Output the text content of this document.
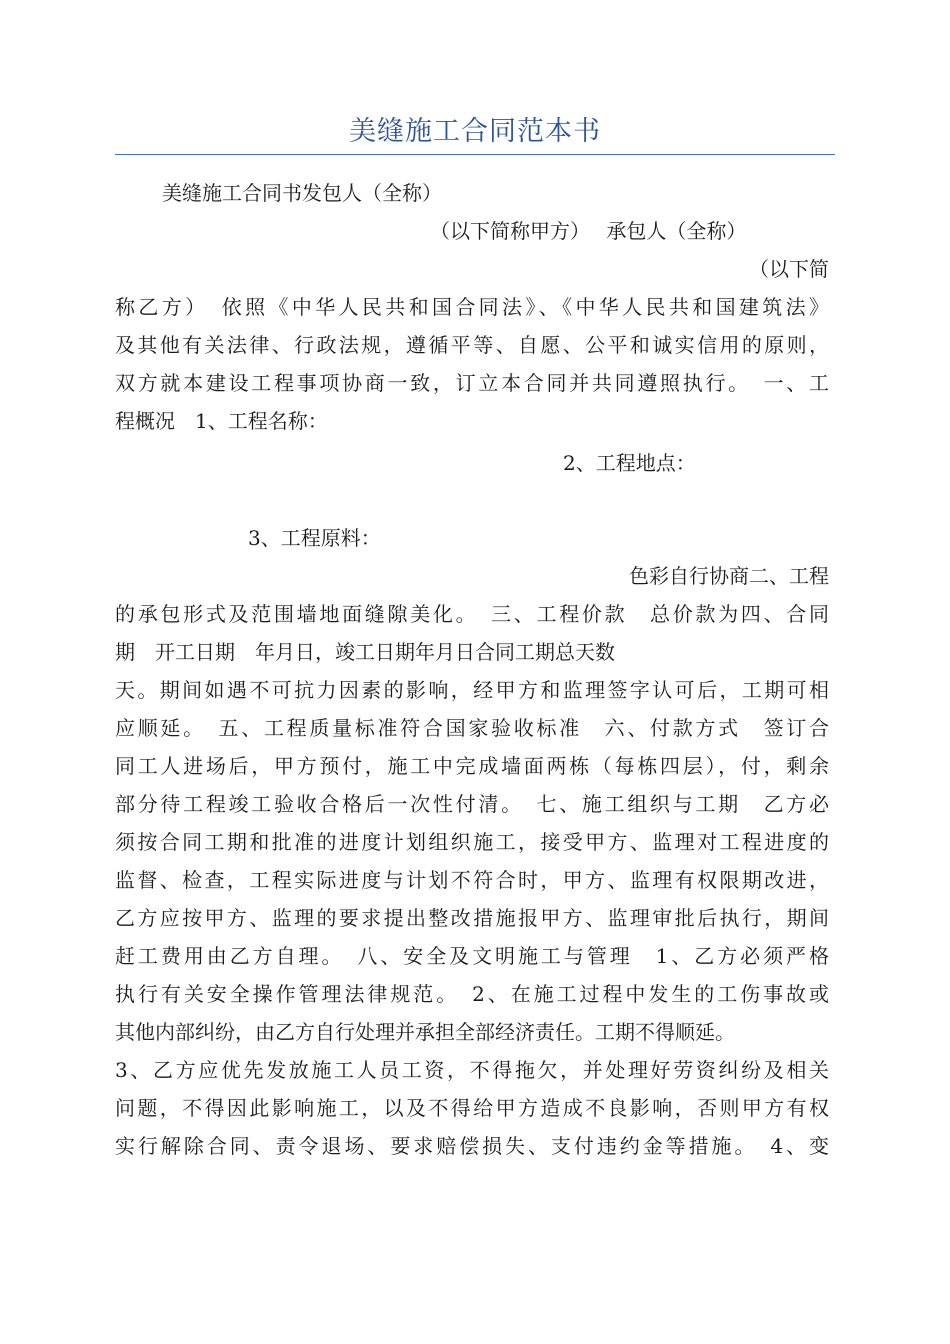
美缝施工合同范本书
美缝施工合同书发包人（全称）
（以下简称甲方）　 承包人（全称）
（以下简
称乙方）　依照《中华人民共和国合同法》、《中华人民共和国建筑法》
及其他有关法律、行政法规，遵循平等、自愿、公平和诚实信用的原则，
双方就本建设工程事项协商一致，订立本合同并共同遵照执行。　一、工
程概况　1、工程名称：
2、工程地点：
3、工程原料：
色彩自行协商二、工程
的承包形式及范围墙地面缝隙美化。　三、工程价款　总价款为四、合同
期　开工日期　年月日，竣工日期年月日合同工期总天数
天。期间如遇不可抗力因素的影响，经甲方和监理签字认可后，工期可相
应顺延。　五、工程质量标准符合国家验收标准　六、付款方式　签订合
同工人进场后，甲方预付，施工中完成墙面两栋（每栋四层），付，剩余
部分待工程竣工验收合格后一次性付清。　七、施工组织与工期　乙方必
须按合同工期和批准的进度计划组织施工，接受甲方、监理对工程进度的
监督、检查，工程实际进度与计划不符合时，甲方、监理有权限期改进，
乙方应按甲方、监理的要求提出整改措施报甲方、监理审批后执行，期间
赶工费用由乙方自理。　八、安全及文明施工与管理　1、乙方必须严格
执行有关安全操作管理法律规范。　2、在施工过程中发生的工伤事故或
其他内部纠纷，由乙方自行处理并承担全部经济责任。工期不得顺延。
3、乙方应优先发放施工人员工资，不得拖欠，并处理好劳资纠纷及相关
问题，不得因此影响施工，以及不得给甲方造成不良影响，否则甲方有权
实行解除合同、责令退场、要求赔偿损失、支付违约金等措施。　4、变
